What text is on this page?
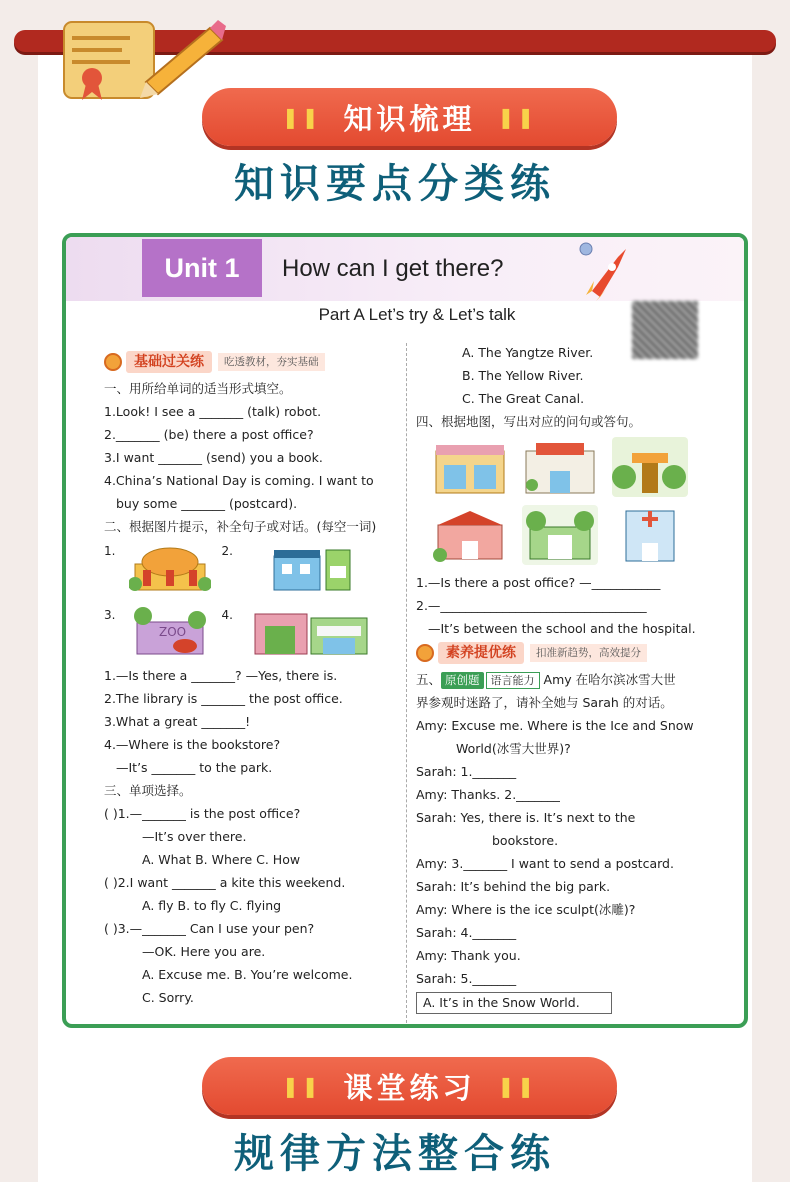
❚❚ 知识梳理 ❚❚
知识要点分类练
Unit 1	How can I get there?
Part A Let’s try & Let’s talk
基础过关练	吃透教材，夯实基础
一、用所给单词的适当形式填空。
1.Look! I see a _______ (talk) robot.
2._______ (be) there a post office?
3.I want _______ (send) you a book.
4.China’s National Day is coming. I want to
buy some _______ (postcard).
二、根据图片提示，补全句子或对话。(每空一词)
1.	2.
3.
ZOO
4.
1.—Is there a _______? —Yes, there is.
2.The library is _______ the post office.
3.What a great _______!
4.—Where is the bookstore?
—It’s _______ to the park.
三、单项选择。
( )1.—_______ is the post office?
—It’s over there.
A. What B. Where C. How
( )2.I want _______ a kite this weekend.
A. fly B. to fly C. flying
( )3.—_______ Can I use your pen?
—OK. Here you are.
A. Excuse me. B. You’re welcome.
C. Sorry.
A. The Yangtze River.
B. The Yellow River.
C. The Great Canal.
四、根据地图，写出对应的问句或答句。
1.—Is there a post office? —___________
2.—_________________________________
—It’s between the school and the hospital.
素养提优练	扣准新趋势，高效提分
五、 原创题 语言能力 Amy 在哈尔滨冰雪大世
界参观时迷路了，请补全她与 Sarah 的对话。
Amy: Excuse me. Where is the Ice and Snow
World(冰雪大世界)?
Sarah: 1._______
Amy: Thanks. 2._______
Sarah: Yes, there is. It’s next to the
bookstore.
Amy: 3._______ I want to send a postcard.
Sarah: It’s behind the big park.
Amy: Where is the ice sculpt(冰雕)?
Sarah: 4._______
Amy: Thank you.
Sarah: 5._______
A. It’s in the Snow World.
❚❚ 课堂练习 ❚❚
规律方法整合练
